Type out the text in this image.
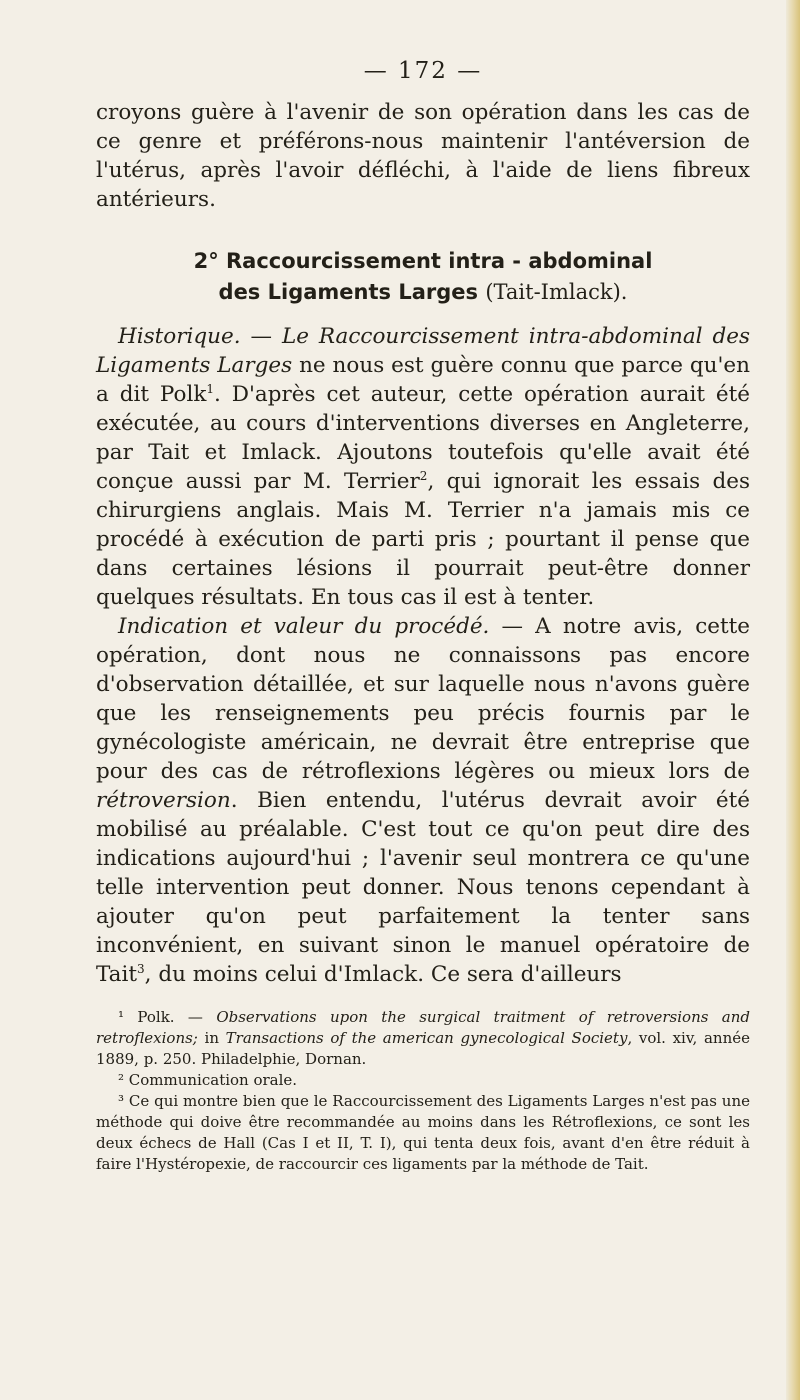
— 172 —

croyons guère à l'avenir de son opération dans les cas de ce genre et préférons-nous maintenir l'antéversion de l'utérus, après l'avoir défléchi, à l'aide de liens fibreux antérieurs.

2° Raccourcissement intra - abdominal
des Ligaments Larges (Tait-Imlack).

Historique. — Le Raccourcissement intra-abdominal des Ligaments Larges ne nous est guère connu que parce qu'en a dit Polk$^1$. D'après cet auteur, cette opération aurait été exécutée, au cours d'interventions diverses en Angleterre, par Tait et Imlack. Ajoutons toutefois qu'elle avait été conçue aussi par M. Terrier$^2$, qui ignorait les essais des chirurgiens anglais. Mais M. Terrier n'a jamais mis ce procédé à exécution de parti pris ; pourtant il pense que dans certaines lésions il pourrait peut-être donner quelques résultats. En tous cas il est à tenter.

Indication et valeur du procédé. — A notre avis, cette opération, dont nous ne connaissons pas encore d'observation détaillée, et sur laquelle nous n'avons guère que les renseignements peu précis fournis par le gynécologiste américain, ne devrait être entreprise que pour des cas de rétroflexions légères ou mieux lors de rétroversion. Bien entendu, l'utérus devrait avoir été mobilisé au préalable. C'est tout ce qu'on peut dire des indications aujourd'hui ; l'avenir seul montrera ce qu'une telle intervention peut donner. Nous tenons cependant à ajouter qu'on peut parfaitement la tenter sans inconvénient, en suivant sinon le manuel opératoire de Tait$^3$, du moins celui d'Imlack. Ce sera d'ailleurs

¹ Polk. — Observations upon the surgical traitment of retroversions and retroflexions; in Transactions of the american gynecological Society, vol. xiv, année 1889, p. 250. Philadelphie, Dornan.

² Communication orale.

³ Ce qui montre bien que le Raccourcissement des Ligaments Larges n'est pas une méthode qui doive être recommandée au moins dans les Rétroflexions, ce sont les deux échecs de Hall (Cas I et II, T. I), qui tenta deux fois, avant d'en être réduit à faire l'Hystéropexie, de raccourcir ces ligaments par la méthode de Tait.
